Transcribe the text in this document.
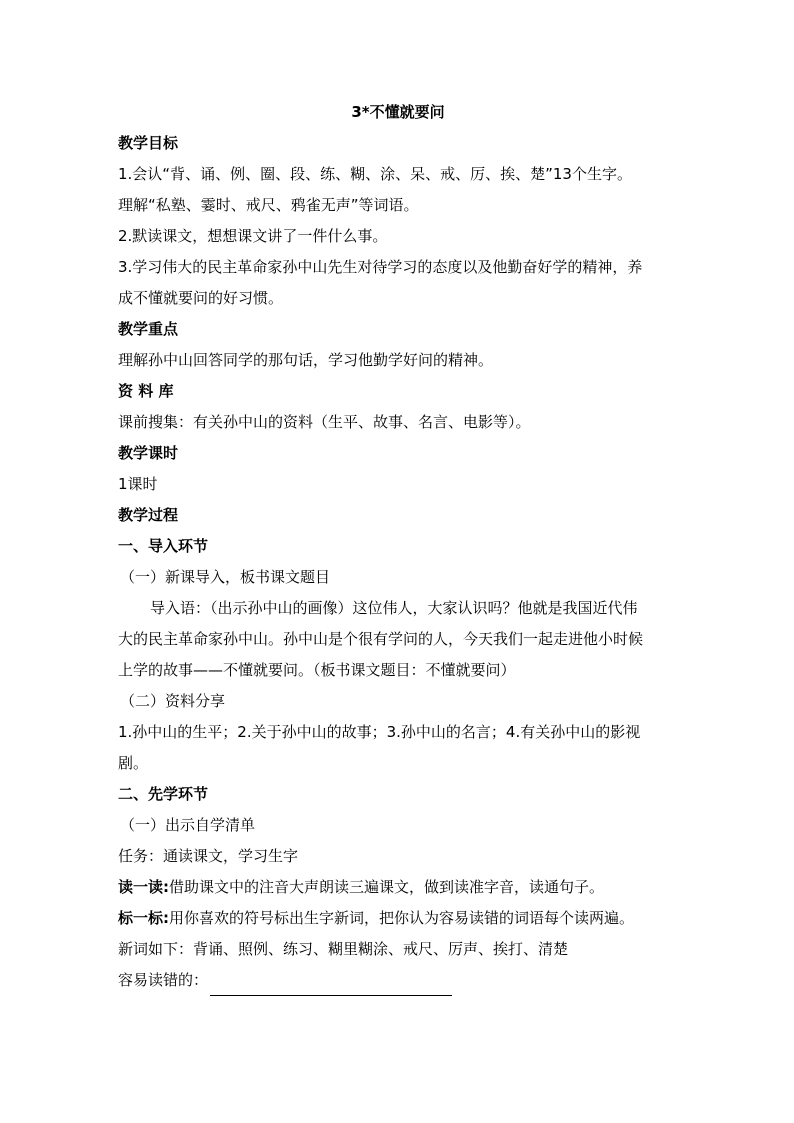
3*不懂就要问
教学目标
1.会认“背、诵、例、圈、段、练、糊、涂、呆、戒、厉、挨、楚”13个生字。
理解“私塾、霎时、戒尺、鸦雀无声”等词语。
2.默读课文，想想课文讲了一件什么事。
3.学习伟大的民主革命家孙中山先生对待学习的态度以及他勤奋好学的精神，养
成不懂就要问的好习惯。
教学重点
理解孙中山回答同学的那句话，学习他勤学好问的精神。
资 料 库
课前搜集：有关孙中山的资料（生平、故事、名言、电影等）。
教学课时
1课时
教学过程
一、导入环节
（一）新课导入，板书课文题目
导入语：（出示孙中山的画像）这位伟人，大家认识吗？他就是我国近代伟
大的民主革命家孙中山。孙中山是个很有学问的人，今天我们一起走进他小时候
上学的故事——不懂就要问。（板书课文题目：不懂就要问）
（二）资料分享
1.孙中山的生平；2.关于孙中山的故事；3.孙中山的名言；4.有关孙中山的影视
剧。
二、先学环节
（一）出示自学清单
任务：通读课文，学习生字
读一读:借助课文中的注音大声朗读三遍课文，做到读准字音，读通句子。
标一标:用你喜欢的符号标出生字新词，把你认为容易读错的词语每个读两遍。
新词如下：背诵、照例、练习、糊里糊涂、戒尺、厉声、挨打、清楚
容易读错的：
